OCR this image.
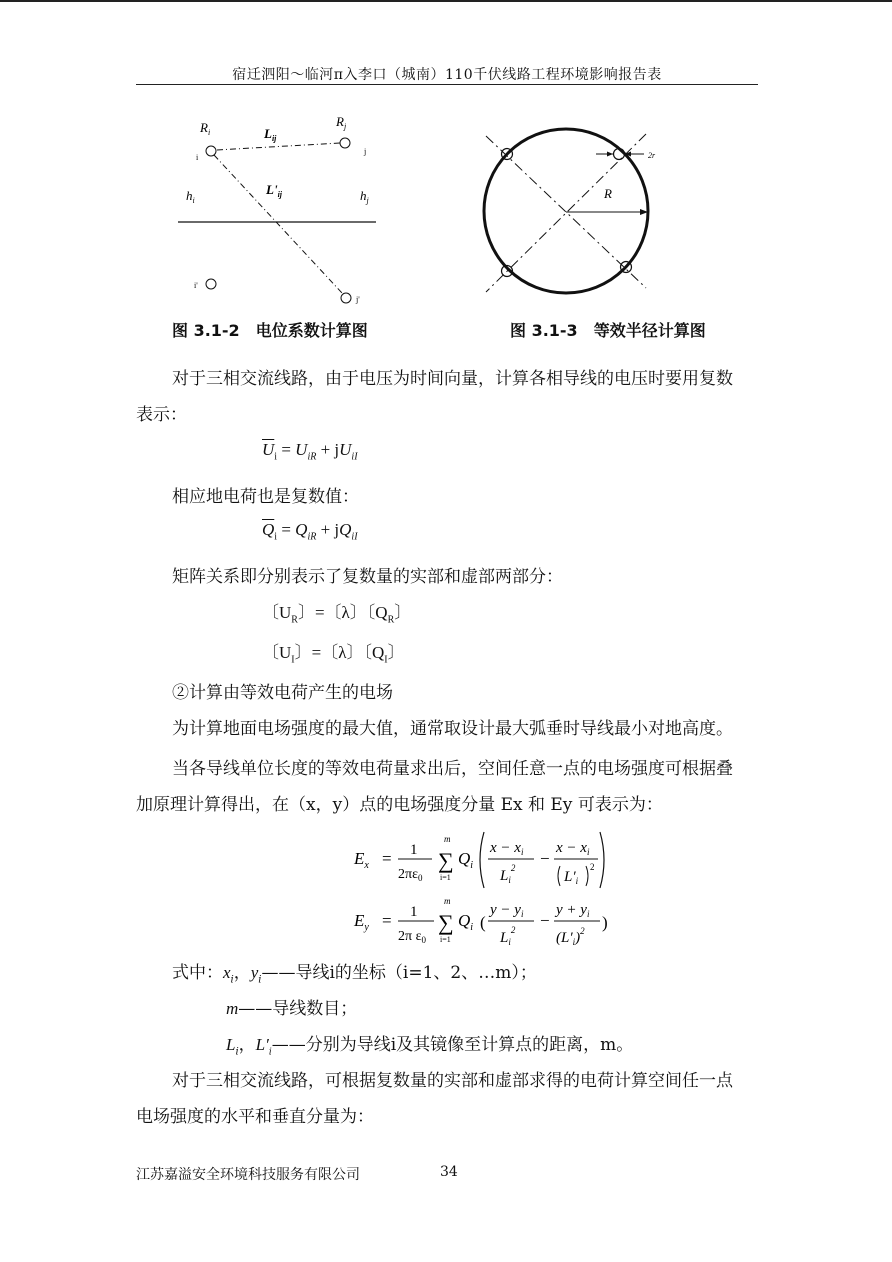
宿迁泗阳～临河π入李口（城南）110千伏线路工程环境影响报告表
$R_i$	$L_{ij}$
$R_j$
i
j
$h_i$
$L'_{ij}$	$h_j$
i'
j'
2r
R
图 3.1-2　电位系数计算图	图 3.1-3　等效半径计算图
对于三相交流线路，由于电压为时间向量，计算各相导线的电压时要用复数
表示：
$\overline{U}_i = U_{iR} + jU_{iI}$
相应地电荷也是复数值：
$\overline{Q}_i = Q_{iR} + jQ_{iI}$
矩阵关系即分别表示了复数量的实部和虚部两部分：
〔$U_R$〕=〔λ〕〔$Q_R$〕
〔$U_I$〕=〔λ〕〔$Q_I$〕
②计算由等效电荷产生的电场
为计算地面电场强度的最大值，通常取设计最大弧垂时导线最小对地高度。
当各导线单位长度的等效电荷量求出后，空间任意一点的电场强度可根据叠
加原理计算得出，在（x，y）点的电场强度分量 Ex 和 Ey 可表示为：
$E_x = 1$
$2\pi\varepsilon_0$
m
∑
i=1
$Q_i$
$x - x_i$
$L_i^2$ −
$x - x_i$
$L'_i$
2
$E_y = 1$
2π $\varepsilon_0$
m
∑
i=1
$Q_i$ (
$y - y_i$
$L_i^2$ −
$y + y_i$
$(L'_i)^2$ )
式中：$x_i$，$y_i——$导线i的坐标（i=1、2、…m）；
m——导线数目；
$L_i$，$L'_i——$分别为导线i及其镜像至计算点的距离，m。
对于三相交流线路，可根据复数量的实部和虚部求得的电荷计算空间任一点
电场强度的水平和垂直分量为：
江苏嘉溢安全环境科技服务有限公司	34
